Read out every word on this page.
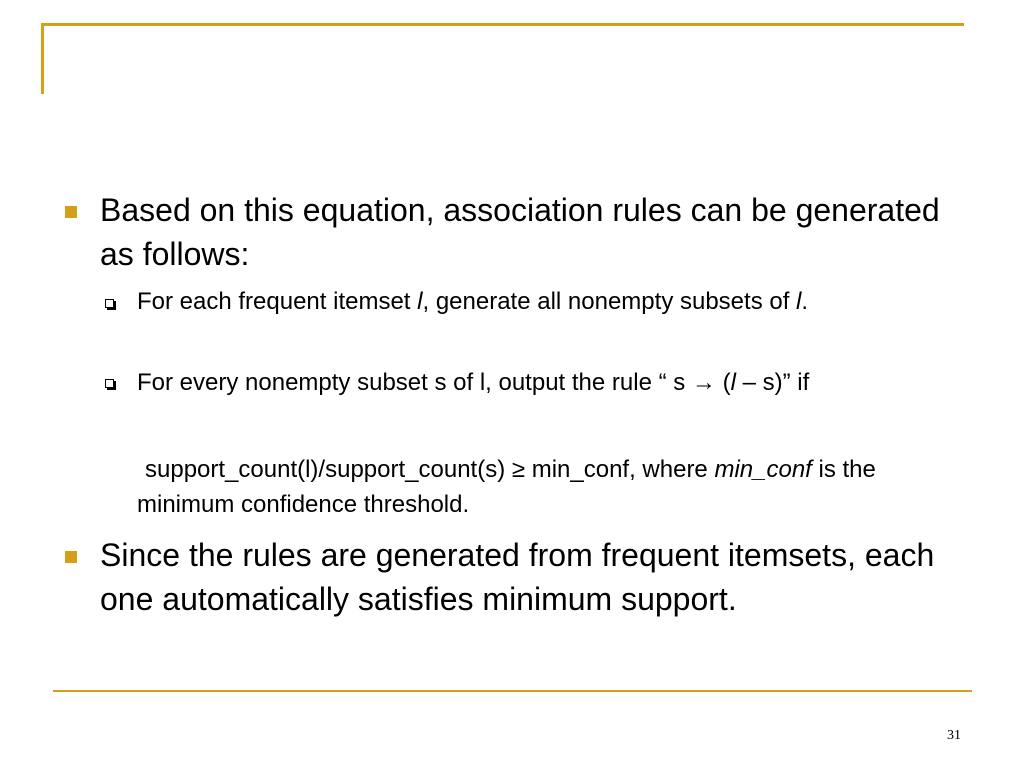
Based on this equation, association rules can be generated as follows:
For each frequent itemset l, generate all nonempty subsets of l.
For every nonempty subset s of l, output the rule “ s → (l – s)” if
support_count(l)/support_count(s) ≥ min_conf, where min_conf is the minimum confidence threshold.
Since the rules are generated from frequent itemsets, each one automatically satisfies minimum support.
31
